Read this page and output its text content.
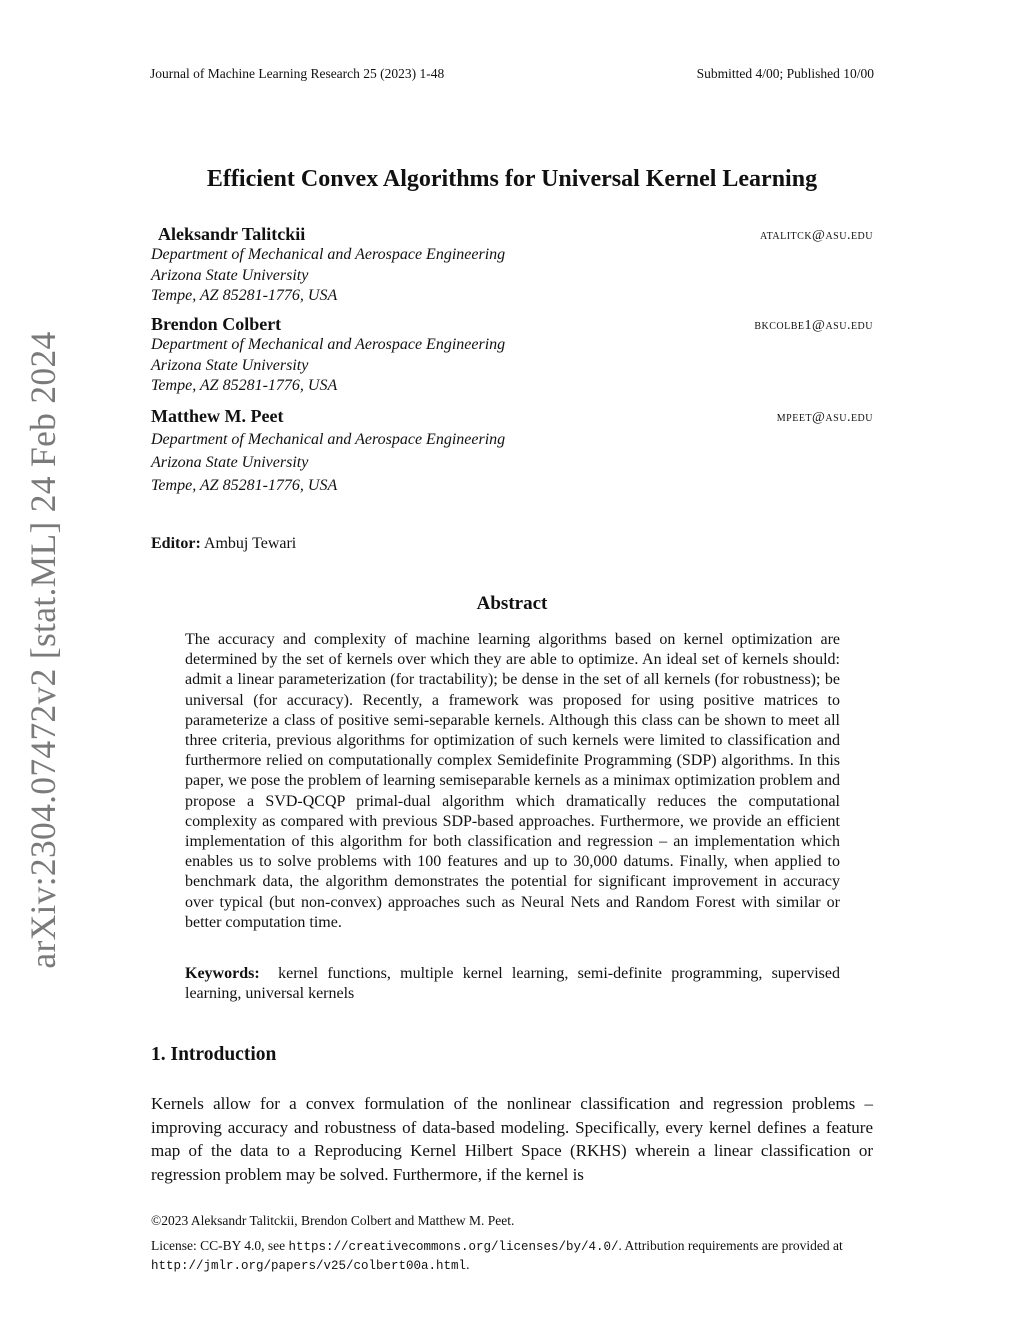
arXiv:2304.07472v2 [stat.ML] 24 Feb 2024
Journal of Machine Learning Research 25 (2023) 1-48	Submitted 4/00; Published 10/00
Efficient Convex Algorithms for Universal Kernel Learning
Aleksandr Talitckii	atalitck@asu.edu
Department of Mechanical and Aerospace Engineering
Arizona State University
Tempe, AZ 85281-1776, USA
Brendon Colbert	bkcolbe1@asu.edu
Department of Mechanical and Aerospace Engineering
Arizona State University
Tempe, AZ 85281-1776, USA
Matthew M. Peet	mpeet@asu.edu
Department of Mechanical and Aerospace Engineering
Arizona State University
Tempe, AZ 85281-1776, USA
Editor: Ambuj Tewari
Abstract
The accuracy and complexity of machine learning algorithms based on kernel optimization are determined by the set of kernels over which they are able to optimize. An ideal set of kernels should: admit a linear parameterization (for tractability); be dense in the set of all kernels (for robustness); be universal (for accuracy). Recently, a framework was proposed for using positive matrices to parameterize a class of positive semi-separable kernels. Although this class can be shown to meet all three criteria, previous algorithms for optimization of such kernels were limited to classification and furthermore relied on computationally complex Semidefinite Programming (SDP) algorithms. In this paper, we pose the problem of learning semiseparable kernels as a minimax optimization problem and propose a SVD-QCQP primal-dual algorithm which dramatically reduces the computational complexity as compared with previous SDP-based approaches. Furthermore, we provide an efficient implementation of this algorithm for both classification and regression – an implementation which enables us to solve problems with 100 features and up to 30,000 datums. Finally, when applied to benchmark data, the algorithm demonstrates the potential for significant improvement in accuracy over typical (but non-convex) approaches such as Neural Nets and Random Forest with similar or better computation time.
Keywords: kernel functions, multiple kernel learning, semi-definite programming, supervised learning, universal kernels
1. Introduction
Kernels allow for a convex formulation of the nonlinear classification and regression problems – improving accuracy and robustness of data-based modeling. Specifically, every kernel defines a feature map of the data to a Reproducing Kernel Hilbert Space (RKHS) wherein a linear classification or regression problem may be solved. Furthermore, if the kernel is
©2023 Aleksandr Talitckii, Brendon Colbert and Matthew M. Peet.
License: CC-BY 4.0, see https://creativecommons.org/licenses/by/4.0/. Attribution requirements are provided at http://jmlr.org/papers/v25/colbert00a.html.
